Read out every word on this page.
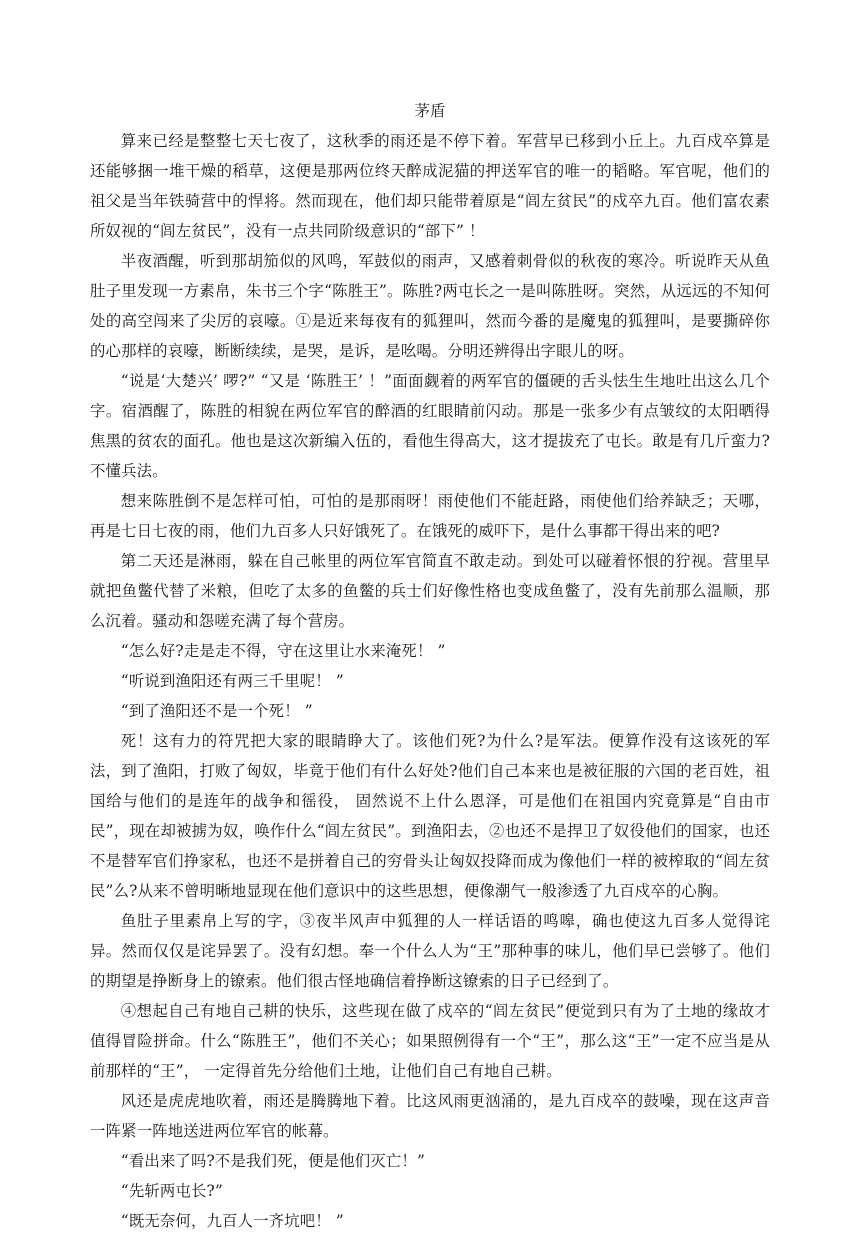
茅盾

算来已经是整整七天七夜了，这秋季的雨还是不停下着。军营早已移到小丘上。九百戍卒算是还能够捆一堆干燥的稻草，这便是那两位终天醉成泥猫的押送军官的唯一的韬略。军官呢，他们的祖父是当年铁骑营中的悍将。然而现在，他们却只能带着原是“闾左贫民”的戍卒九百。他们富农素所奴视的“闾左贫民”，没有一点共同阶级意识的“部下” ！

半夜酒醒，听到那胡笳似的风鸣，军鼓似的雨声，又感着刺骨似的秋夜的寒冷。听说昨天从鱼肚子里发现一方素帛，朱书三个字“陈胜王”。陈胜?两屯长之一是叫陈胜呀。突然，从远远的不知何处的高空闯来了尖厉的哀嚎。①是近来每夜有的狐狸叫，然而今番的是魔鬼的狐狸叫，是要撕碎你的心那样的哀嚎，断断续续，是哭，是诉，是吆喝。分明还辨得出字眼儿的呀。

“说是‘大楚兴’ 啰?” “又是 ‘陈胜王’ ！”面面觑着的两军官的僵硬的舌头怯生生地吐出这么几个字。宿酒醒了，陈胜的相貌在两位军官的醉酒的红眼睛前闪动。那是一张多少有点皱纹的太阳晒得焦黑的贫农的面孔。他也是这次新编入伍的，看他生得高大，这才提拔充了屯长。敢是有几斤蛮力?不懂兵法。

想来陈胜倒不是怎样可怕，可怕的是那雨呀！雨使他们不能赶路，雨使他们给养缺乏；天哪，再是七日七夜的雨，他们九百多人只好饿死了。在饿死的威吓下，是什么事都干得出来的吧?

第二天还是淋雨，躲在自己帐里的两位军官简直不敢走动。到处可以碰着怀恨的狞视。营里早就把鱼鳖代替了米粮，但吃了太多的鱼鳖的兵士们好像性格也变成鱼鳖了，没有先前那么温顺，那么沉着。骚动和怨嗟充满了每个营房。

“怎么好?走是走不得，守在这里让水来淹死！ ”

“听说到渔阳还有两三千里呢！ ”

“到了渔阳还不是一个死！ ”

死！这有力的符咒把大家的眼睛睁大了。该他们死?为什么?是军法。便算作没有这该死的军法，到了渔阳，打败了匈奴，毕竟于他们有什么好处?他们自己本来也是被征服的六国的老百姓，祖国给与他们的是连年的战争和徭役， 固然说不上什么恩泽，可是他们在祖国内究竟算是“自由市民”，现在却被掳为奴，唤作什么“闾左贫民”。到渔阳去，②也还不是捍卫了奴役他们的国家，也还不是替军官们挣家私，也还不是拼着自己的穷骨头让匈奴投降而成为像他们一样的被榨取的“闾左贫民”么?从来不曾明晰地显现在他们意识中的这些思想，便像潮气一般渗透了九百戍卒的心胸。

鱼肚子里素帛上写的字，③夜半风声中狐狸的人一样话语的鸣嗥，确也使这九百多人觉得诧异。然而仅仅是诧异罢了。没有幻想。奉一个什么人为“王”那种事的味儿，他们早已尝够了。他们的期望是挣断身上的镣索。他们很古怪地确信着挣断这镣索的日子已经到了。

④想起自己有地自己耕的快乐，这些现在做了戍卒的“闾左贫民”便觉到只有为了土地的缘故才值得冒险拼命。什么“陈胜王”，他们不关心；如果照例得有一个“王”，那么这“王”一定不应当是从前那样的“王”， 一定得首先分给他们土地，让他们自己有地自己耕。

风还是虎虎地吹着，雨还是腾腾地下着。比这风雨更汹涌的，是九百戍卒的鼓噪，现在这声音一阵紧一阵地送进两位军官的帐幕。

“看出来了吗?不是我们死，便是他们灭亡！”

“先斩两屯长?”

“既无奈何，九百人一齐坑吧！ ”
